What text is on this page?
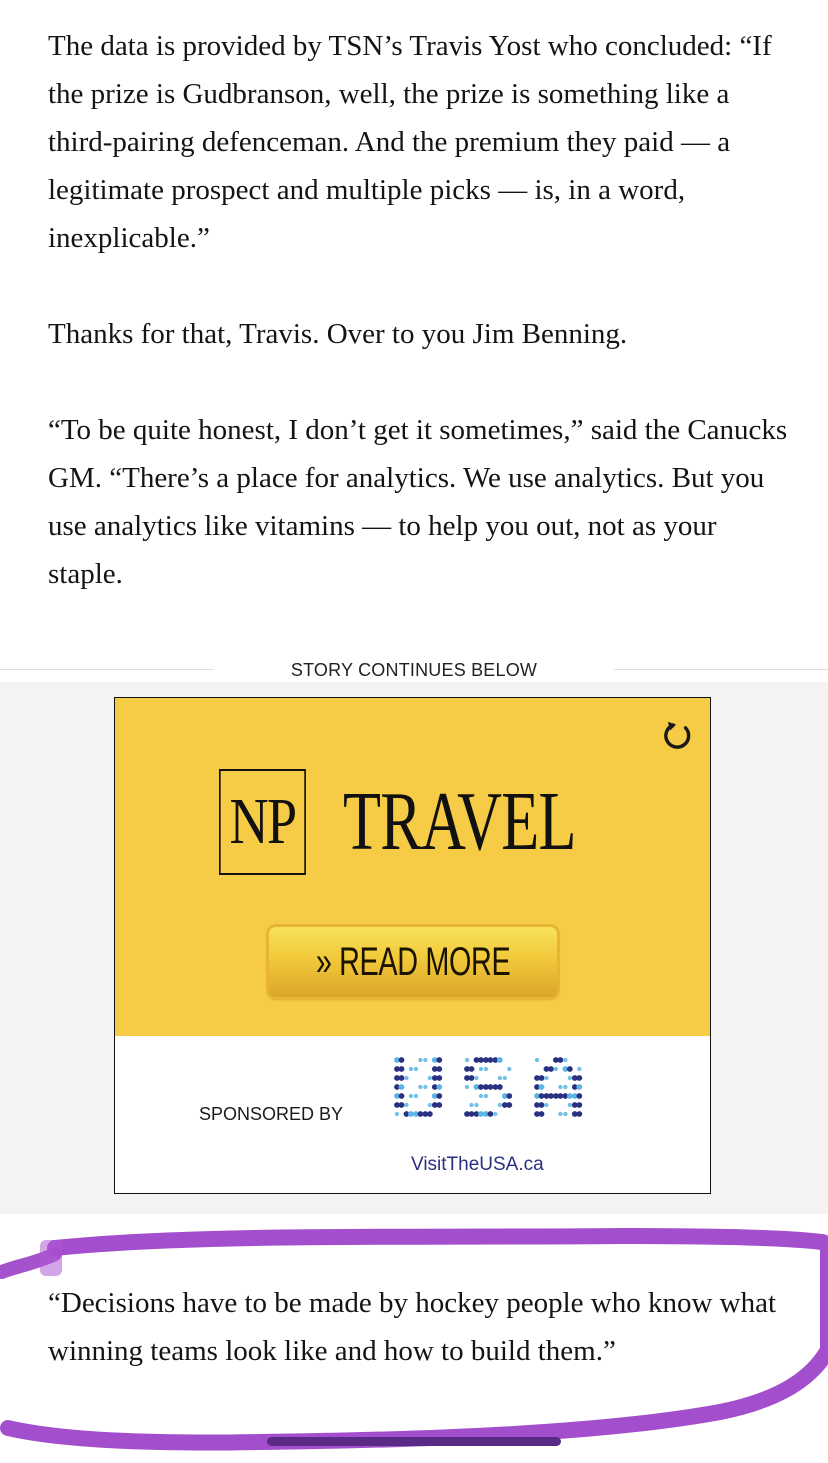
The data is provided by TSN’s Travis Yost who concluded: “If the prize is Gudbranson, well, the prize is something like a third-pairing defenceman. And the premium they paid — a legitimate prospect and multiple picks — is, in a word, inexplicable.”

Thanks for that, Travis. Over to you Jim Benning.

“To be quite honest, I don’t get it sometimes,” said the Canucks GM. “There’s a place for analytics. We use analytics. But you use analytics like vitamins — to help you out, not as your staple.

STORY CONTINUES BELOW
NP TRAVEL
» READ MORE
SPONSORED BY
VisitTheUSA.ca

“Decisions have to be made by hockey people who know what winning teams look like and how to build them.”
